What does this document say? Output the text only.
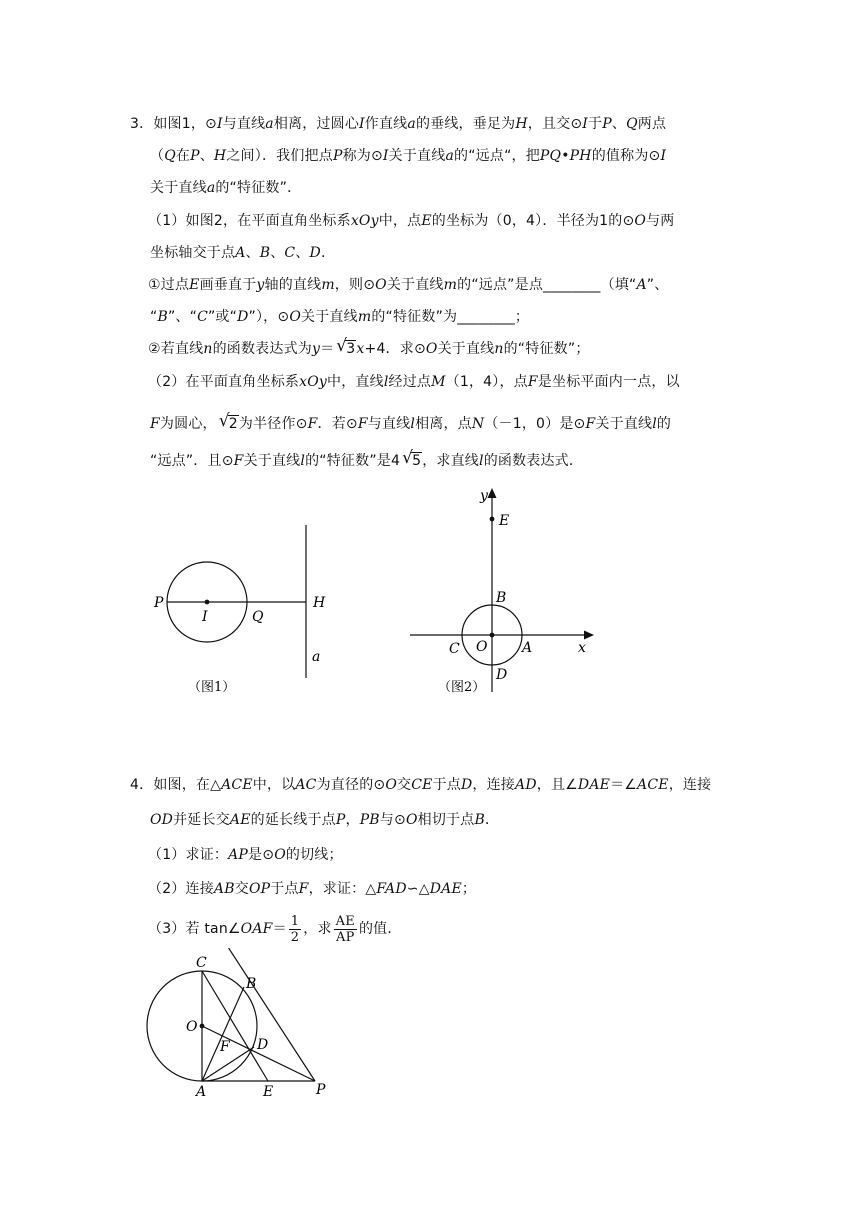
3．如图1，⊙I与直线a相离，过圆心I作直线a的垂线，垂足为H，且交⊙I于P、Q两点
（Q在P、H之间）．我们把点P称为⊙I关于直线a的“远点“，把PQ•PH的值称为⊙I
关于直线a的“特征数”．
（1）如图2，在平面直角坐标系xOy中，点E的坐标为（0，4）．半径为1的⊙O与两
坐标轴交于点A、B、C、D．
①过点E画垂直于y轴的直线m，则⊙O关于直线m的“远点”是点________（填“A”、
“B”、“C”或“D”），⊙O关于直线m的“特征数”为________；
②若直线n的函数表达式为y＝ √ 3x+4．求⊙O关于直线n的“特征数”；
（2）在平面直角坐标系xOy中，直线l经过点M（1，4），点F是坐标平面内一点，以
F为圆心， √ 2为半径作⊙F．若⊙F与直线l相离，点N（－1，0）是⊙F关于直线l的
“远点”．且⊙F关于直线l的“特征数”是4 √ 5，求直线l的函数表达式．
P
I	Q
H
a
（图1）
y
E
B
C O A
D
x
（图2）
4．如图，在△ACE中，以AC为直径的⊙O交CE于点D，连接AD，且∠DAE＝∠ACE，连接
OD并延长交AE的延长线于点P，PB与⊙O相切于点B．
（1）求证：AP是⊙O的切线；
（2）连接AB交OP于点F，求证：△FAD∽△DAE；
（3）若 tan∠OAF＝ $\frac{1}{2}$ ，求 $\frac{AE}{AP}$ 的值．
C
B
O
F D
A	E	P
